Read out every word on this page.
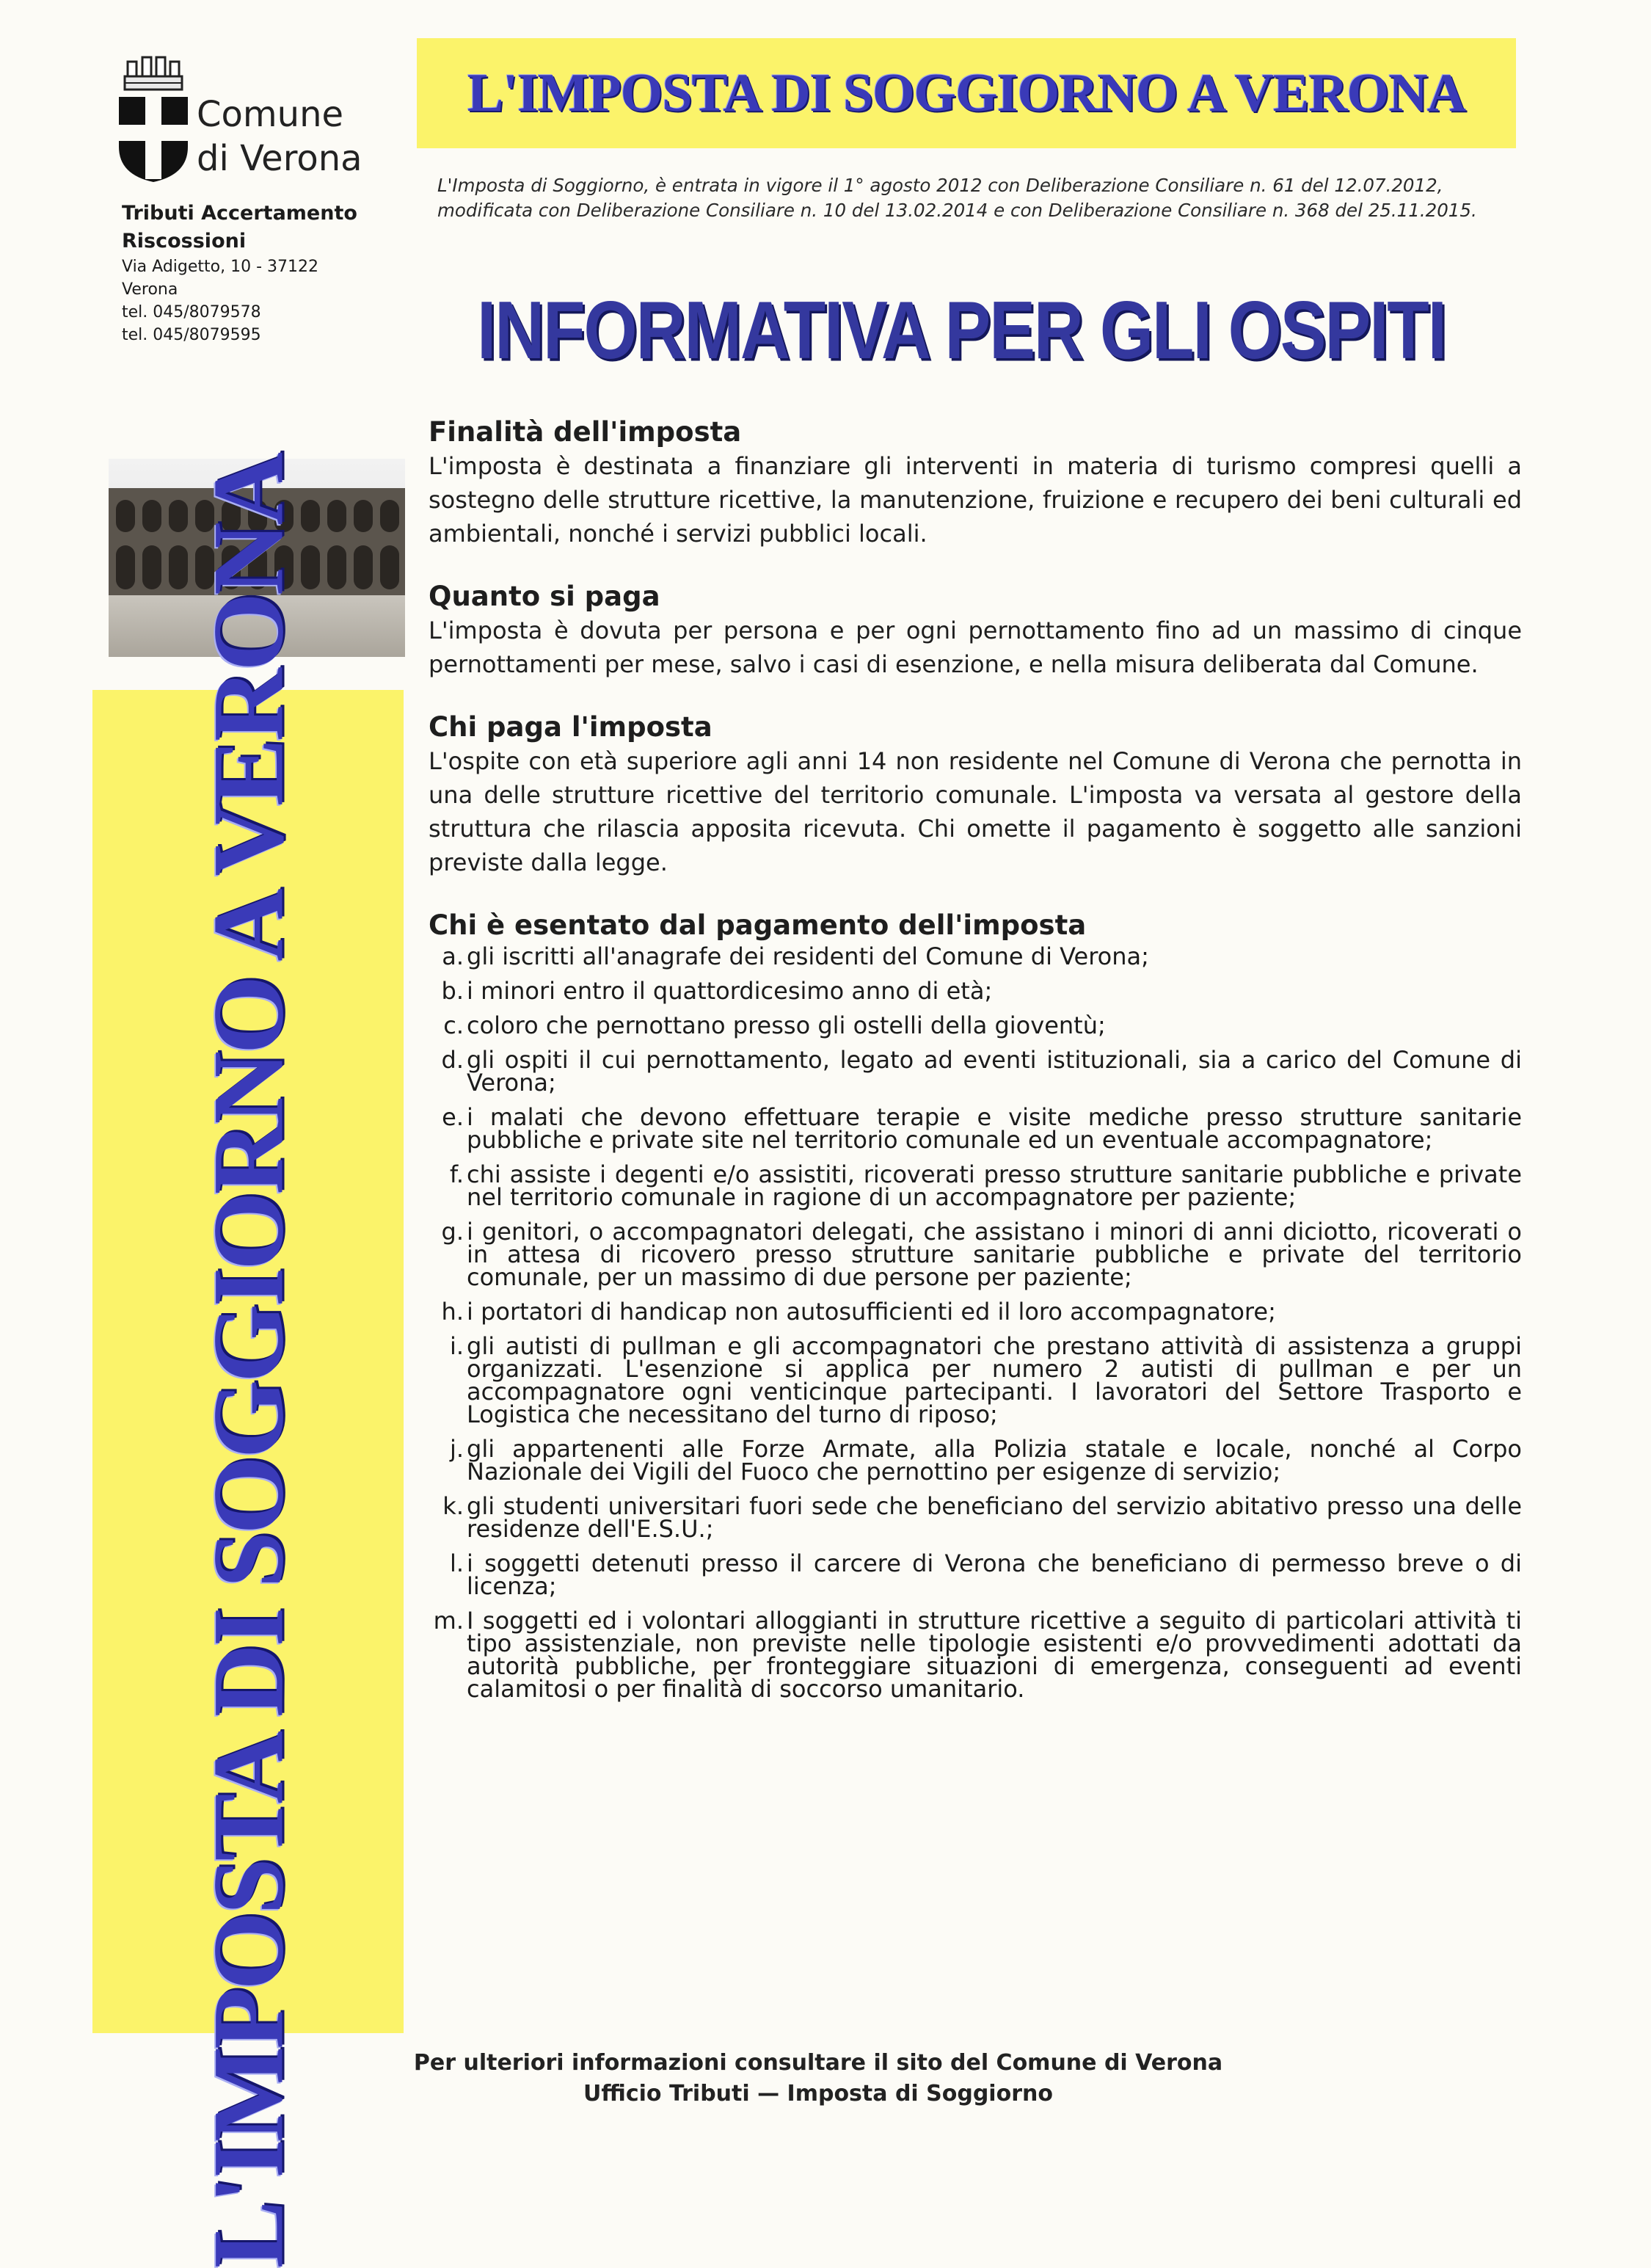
Comune
di Verona
Tributi Accertamento
Riscossioni
Via Adigetto, 10 - 37122
Verona
tel. 045/8079578
tel. 045/8079595
L'IMPOSTA DI SOGGIORNO A VERONA
L'Imposta di Soggiorno, è entrata in vigore il 1° agosto 2012 con Deliberazione Consiliare n. 61 del 12.07.2012, modificata con Deliberazione Consiliare n. 10 del 13.02.2014 e con Deliberazione Consiliare n. 368 del 25.11.2015.
INFORMATIVA PER GLI OSPITI
L'IMPOSTA DI SOGGIORNO A VERONA
Finalità dell'imposta

L'imposta è destinata a finanziare gli interventi in materia di turismo compresi quelli a sostegno delle strutture ricettive, la manutenzione, fruizione e recupero dei beni culturali ed ambientali, nonché i servizi pubblici locali.

Quanto si paga

L'imposta è dovuta per persona e per ogni pernottamento fino ad un massimo di cinque pernottamenti per mese, salvo i casi di esenzione, e nella misura deliberata dal Comune.

Chi paga l'imposta

L'ospite con età superiore agli anni 14 non residente nel Comune di Verona che pernotta in una delle strutture ricettive del territorio comunale. L'imposta va versata al gestore della struttura che rilascia apposita ricevuta. Chi omette il pagamento è soggetto alle sanzioni previste dalla legge.

Chi è esentato dal pagamento dell'imposta
a. gli iscritti all'anagrafe dei residenti del Comune di Verona;
b. i minori entro il quattordicesimo anno di età;
c. coloro che pernottano presso gli ostelli della gioventù;
d. gli ospiti il cui pernottamento, legato ad eventi istituzionali, sia a carico del Comune di Verona;
e. i malati che devono effettuare terapie e visite mediche presso strutture sanitarie pubbliche e private site nel territorio comunale ed un eventuale accompagnatore;
f. chi assiste i degenti e/o assistiti, ricoverati presso strutture sanitarie pubbliche e private nel territorio comunale in ragione di un accompagnatore per paziente;
g. i genitori, o accompagnatori delegati, che assistano i minori di anni diciotto, ricoverati o in attesa di ricovero presso strutture sanitarie pubbliche e private del territorio comunale, per un massimo di due persone per paziente;
h. i portatori di handicap non autosufficienti ed il loro accompagnatore;
i. gli autisti di pullman e gli accompagnatori che prestano attività di assistenza a gruppi organizzati. L'esenzione si applica per numero 2 autisti di pullman e per un accompagnatore ogni venticinque partecipanti. I lavoratori del Settore Trasporto e Logistica che necessitano del turno di riposo;
j. gli appartenenti alle Forze Armate, alla Polizia statale e locale, nonché al Corpo Nazionale dei Vigili del Fuoco che pernottino per esigenze di servizio;
k. gli studenti universitari fuori sede che beneficiano del servizio abitativo presso una delle residenze dell'E.S.U.;
l. i soggetti detenuti presso il carcere di Verona che beneficiano di permesso breve o di licenza;
m. I soggetti ed i volontari alloggianti in strutture ricettive a seguito di particolari attività ti tipo assistenziale, non previste nelle tipologie esistenti e/o provvedimenti adottati da autorità pubbliche, per fronteggiare situazioni di emergenza, conseguenti ad eventi calamitosi o per finalità di soccorso umanitario.
Per ulteriori informazioni consultare il sito del Comune di Verona
Ufficio Tributi — Imposta di Soggiorno
